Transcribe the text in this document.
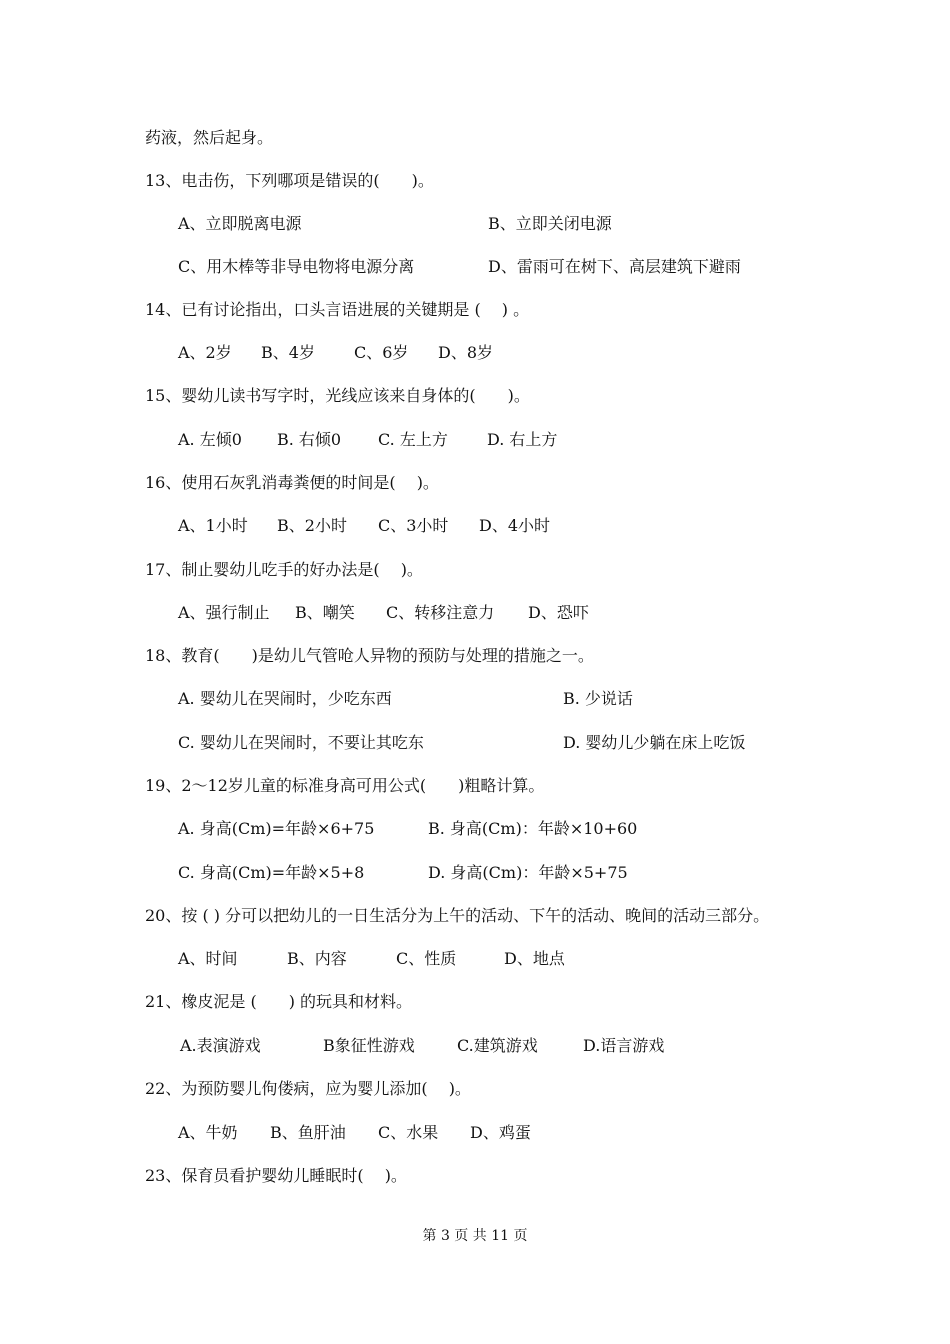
药液，然后起身。
13、电击伤，下列哪项是错误的(　　)。
A、立即脱离电源	B、立即关闭电源
C、用木棒等非导电物将电源分离	D、雷雨可在树下、高层建筑下避雨
14、已有讨论指出，口头言语进展的关键期是 (　 ) 。
A、2岁 B、4岁 C、6岁 D、8岁
15、婴幼儿读书写字时，光线应该来自身体的(　　)。
A. 左倾0 B. 右倾0 C. 左上方 D. 右上方
16、使用石灰乳消毒粪便的时间是(　 )。
A、1小时 B、2小时 C、3小时 D、4小时
17、制止婴幼儿吃手的好办法是(　 )。
A、强行制止 B、嘲笑 C、转移注意力 D、恐吓
18、教育(　　)是幼儿气管呛人异物的预防与处理的措施之一。
A. 婴幼儿在哭闹时，少吃东西	B. 少说话
C. 婴幼儿在哭闹时，不要让其吃东	D. 婴幼儿少躺在床上吃饭
19、2～12岁儿童的标准身高可用公式(　　)粗略计算。
A. 身高(Cm)=年龄×6+75	B. 身高(Cm)：年龄×10+60
C. 身高(Cm)=年龄×5+8	D. 身高(Cm)：年龄×5+75
20、按 ( ) 分可以把幼儿的一日生活分为上午的活动、下午的活动、晚间的活动三部分。
A、时间	B、内容	C、性质	D、地点
21、橡皮泥是 (　　) 的玩具和材料。
A.表演游戏	B象征性游戏	C.建筑游戏	D.语言游戏
22、为预防婴儿佝偻病，应为婴儿添加(　 )。
A、牛奶 B、鱼肝油 C、水果 D、鸡蛋
23、保育员看护婴幼儿睡眠时(　 )。
第 3 页 共 11 页
